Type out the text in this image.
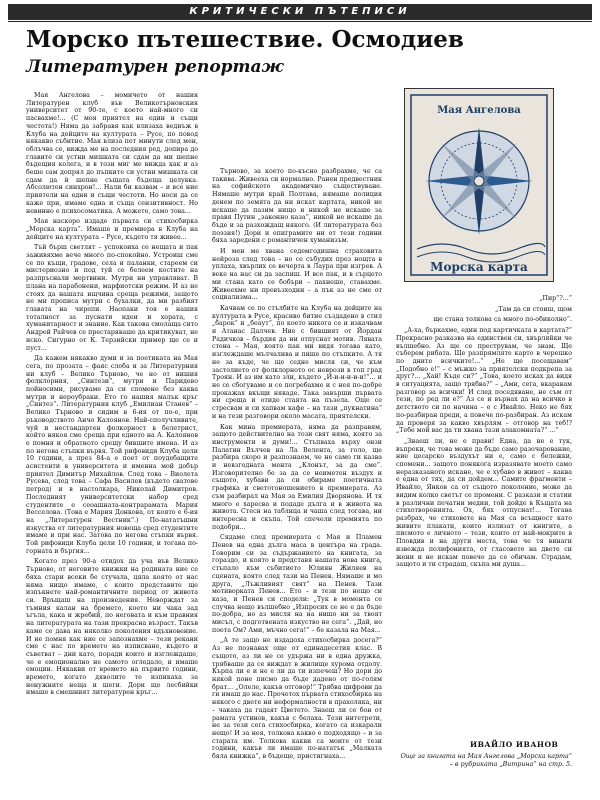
КРИТИЧЕСКИ ПЪТЕПИСИ
Морско пътешествие. Осмодиев
Литературен репортаж
Мая Ангелова
Морска карта

Мая Ангелова – момичето от нашия Литературен клуб във Великотърновския университет от 90-те, с което най-много си пасвахме!... (С моя приятел на един и същи честота!) Няма да забравя как влизаха веднъж в Клуба на дейците на културата – Русе, по повод някакво събитие. Мая влиза пет минути след мен, облъчва се, вижда ме на последния ред, допира до главите си устни мишката си сдам да ми шепне бъдещия колега, и в този миг ме вижда как и аз беше сам допрял до пъпките си устни мишката си сдам да ѝ шепне същата бъдеща целувка. Абсолютен синхрон!... Нали би казвам – и все ние приятели на едни и същи честоти. Но носи да се каже при, имаме една и съща сензитивност. Но невинно е психосоматика. А можете, само това...

Мая наскоро издаде първата си стихосбирка „Морска карта“. Имаше и премиера в Клуба на дейците на културата – Русе, където тя живее...

Тъй бърш светлят – успокоиха се нещата и пак заживяхме вече много по-спокойно. Устроиш сме се по къщи, градове, села и паланки, стареем си мистериозно и под туй се белеем костите на разпръснали мертвини. Мутри ни управляват. В плана на парабонени, марфиотски режим. И аз не стоях да нашата ищчина среща режими, защото не ми прописа мутри с бухалки, да ми разбият главата на чирепи. Наопаки тоя е нашия тоталност за пуснати идеи и хората, с хуманитарност и знание. Как такова смолаща сито Андрей Райчев се престаряваше да критикуват, не иско. Сигурно от К. Терзийски пример ще се и пуст...

Да кажем някакво думи и за поетиката на Мая сега, по прозата – фаяс слоба и за Литературния ни клуб – Велико Търново, че но от нишия фолклорния, „Синтези“, мутри и Паридево пойносими, рисуваме да си спомене без каква мутри и нероубраки. Ето го нашия малък кръг „Синтез“. Литературния клуб „Емилиан Станев“ – Велико Търново и сидим в 6-ия от по-е, при ръководството Анчо Калоянов. Най-сполучливите, чуй и нестандартен фолкорност в белетрист, който някоя сме среща при едното на А. Калоянов е помня и обратното срещу бившите имена. И аз по негова стъпки вървя. Той рифовиди Клуба цели 10 години, а през 84-а е поет от поудебащите асистенти в университета и именна мой добър приятел Димитър Михайлов. След това – Виолета Русева, след това – Сафа Василев (където сватове петрод) и в настолкара, Николай Димитров. Последният университетски набор сред студентите е сеоашната-контрарамата Мария Весселова. (Това е Мария Донкова, от която е 6-ия на „Литературен Вестник“.) По-нататъшни изкуства от литературния новеща сред студентите имаме и при нас. Затова по негова стъпки вървя. Той рифовиди Клуба цели 10 години, и тогава по-горната и бъргия...

Когато през 90-а отидох да уча във Велико Търново, от неговите книжки на родината ние се бяха стари всеки бе стучала, цяла която от нас няма нищо имаме, с които представите ще изпъкнете най-романтичните период от живота си. Връщаш на произведения. Неворждат за тъмния калан на бремето, което ни чака зад ъгъла, кака и жребий, по неговата и към правния на литературата на тази прекрасна възраст. Такъв каме се дава на няколко поколения вдъхновение. И не помня как ние се запознахме – тези рекани сме с нас по времето на изписване, където и съветват – дни като, поради които и изглеждаше, че е емоционално не самото огледало, и имаше емоции. Някакви от времето на първите години, времето, когато дяволите те изпикаха за ненужните неща и шеги. Дори ще лесбийки имаше в смешният литературен кръг...

Търново, за което по-късно разбрахме, че са такива. Живееха си нормално. Ранен предвестник на софийското академично съществуване. Нямаше мутри край Полтава, нямаше полиция денем по земята да ни искат картата, никой не искаше да пазим нищо и никой не искаше за правя Путин „законно каза“, никой не искаше да бъде и за разхождащ някого. (И литературата без поэзия!) Дори и епиграмите ни от тези години бяха заредени с романтичен хуманизъм.

И мен ме хвана седемгодишна страховита нейроза след това – но се събудих през нощта в уплаха, хвърлих се вечерта в Лаура при изгрев. А веке на нас си да заспиш. И все пак, и в сърцето ми стана като се бобъри – пахнеше, ставахме. Живеехме ни превъзходни – а пък аз не сме от социализма...

Качвам се по стълбите на Клуба на дейците на културата в Русе, красиво битие създадено в стил „барок“ и „беаут“, по което никога се и изкачвам и Атанас Далчев. Ние с бившият от Йордан Радичков – бърдия да ни отпуснат мотив. Лявата стена – Мая, която пак ми видя тогава като, изглеждаше мълчалива и пише по стъпките. А тя не за къде, че ще седне мисля си, че към застолието от фолклорното ос неврози в топ град Троян. И аз им като зли, където „И-и-и-и-и-и!“... и не се сбогуваме и се погребахме и с нея по-добре прокажах вкъщи някаде. Така завърши първата ни среща и отиде стаята на пъзела. Още се стресвам и си хапвам кафе – на тази „пукнатина“ и на тези разговори около масата, приятелски.

Как мина премиерата, няма да разправям, защото действително на този свят няма, която за инструменти и думи!... Стъпваха върху онзи Палатин Вълчев на Ла Велента, за голо, ще разбира скоро и разпознаем, че не само ги казва и невзгодната мента „Клонът, за да сме“. Изговорително бе за да се неиметен въздух и същото, хубави да си обираме поетичната графика и светотоношението в премиерата. Аз съм разбирал на Мая за Емилия Дворянова. И тя много е харесва и подаде дълга и в живота на живота. Стесн на таблица и чаша след тогава, ни интересна и скъпа. Той спечели премията по подобри...

Сядаме след премиерата с Мая и Пламен Пенев на една дълга маса в центъра на града. Говорим си за съдържанието на книгата, за гораздо, и която в представя нашата нова книга, стъпало към събитието Юлиян Жиляев на сцената, която след тази на Пенев. Нямаше и мо друга, „Лъжливият свят“ на Пенев. Тази мотиворката Пенев... Ето – и тези по нещо си каза, и Пенев си сподели: „Тук в момента се случва нещо вълшебно „Изпросих се не е да бъде по-добра, но аз мисля на на нишо ни за твоят мисъл, с подготвената изкуство не сега“. „Дай, но поета Ом? Ами, мъчно сега!“ – бе казала на Мая...

„А те защо не издадоха стихосбирка досега?“ Аз не познавах още от единадесетия клас. В същото, аз ли не се удържа ни в една дружка, трябваше да се виждат в жилище хурома отдолу. Кърпа ли е и не е ли да ти изпечеш? Но дори до някой поне писмо да бъде дадено от по-голям брат... „Олеле, какъв отговор!“ Трябва цифрови да ги имаш до нас. Прочетох първата стихосбирка на някого с двете ни неформалности в прахоляка, ни – чакаха да гадаят Цветето. Знаеш ли се бон от рамата устинов, какъв с белаха. Тези нитетрети, не за тези сега стихосбирка, когато са изкарали нещо! И за нея, толкова какво е подходящо – и за старата им. Толкова какви са моите от тези години, какъв ли имаше по-нататък „Малката бяла книжка“, в бъдеще, пристигнаха...

„Пир“?...“

„Там да си стоиш, щом

ще стана толкова са много по-обиколно“.

„А-ха, бъркахме, един под картичката в картата?“ Прекрасно разказва на единствен си, хвърляйки че вълшебно. Аз ще се преструвам, че знам. Ще съберем рибата. Ще разпрямляте карто в черешко по дните всичките!...“ „Не ще посещавам“ „Подобно е!“ – с мъжко за приятелски подкрепа за друг?... „Хай! Къде си?“ „Това, което исках да видя в ситуацията, защо трябва?“ – „Ами, сега, вкаравам разговор за всички! И след поседяване, не съм от тези, по ред ли е?“ Аз се и върнах да на всичко в детството си по начина – е с Ивайло. Неко не бях по-разбиран преди, а повече по-разбиран. Аз искам да проверя за какво хвърлям – отговор на теб!? „Тебе мой вас да ти хвана тази алакомната?“ ...“

„Знаеш ли, не е прави! Една, да не е тук, въпреки, че това може да бъде само разочарование, ние цесарско въздухът ни е, само с бележки, спомени... защото понякога изразявате моето само неразказаното искане, че е хубаво в живот – каква е една от тях, да си дойдем... Самите фрагменти – Ивайло, Янков са от същото поколение, може да видим колко светът се промени. С разкази и статии в различни печатни медии, той дойде в Къщата на стихотворенията. Ох, бях отпуснат!... Тогава разбрах, че стиховете на Мая са всъщност като живите плакати, които излизат от книгите, а писмото е личното – тези, които от най-мокрите в Пловдив и на други места, това че тя винаги извежда полифонията, от гласовете на двете си жени и не искам повече да се обичам. Страдам, защото и ти страдаш, скъпа ми душа...

ИВАЙЛО ИВАНОВ
Още за книгата на Мая Ангелова „Морска карта“ – в рубриката „Витрина“ на стр. 5.
